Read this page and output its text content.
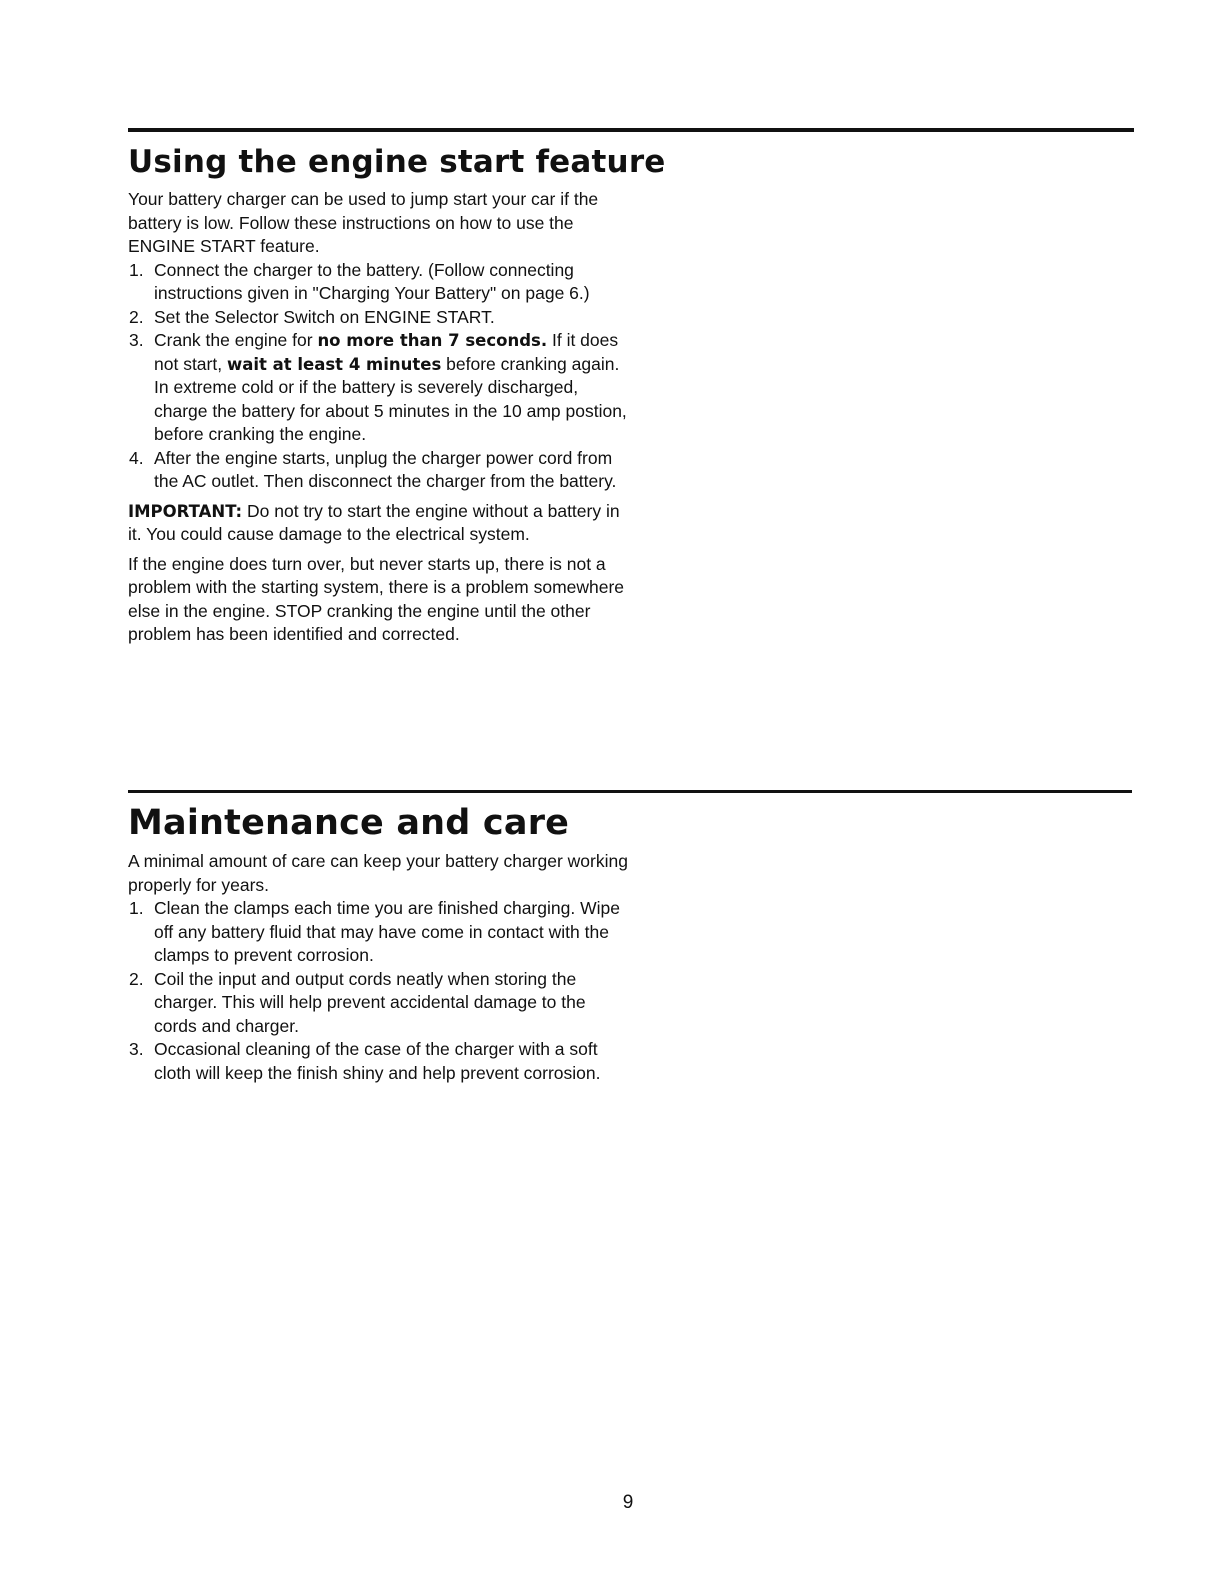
Using the engine start feature

Your battery charger can be used to jump start your car if the battery is low. Follow these instructions on how to use the ENGINE START feature.

1. Connect the charger to the battery. (Follow connecting instructions given in "Charging Your Battery" on page 6.)
2. Set the Selector Switch on ENGINE START.
3. Crank the engine for no more than 7 seconds. If it does not start, wait at least 4 minutes before cranking again. In extreme cold or if the battery is severely discharged, charge the battery for about 5 minutes in the 10 amp postion, before cranking the engine.
4. After the engine starts, unplug the charger power cord from the AC outlet. Then disconnect the charger from the battery.

IMPORTANT: Do not try to start the engine without a battery in it. You could cause damage to the electrical system.

If the engine does turn over, but never starts up, there is not a problem with the starting system, there is a problem somewhere else in the engine. STOP cranking the engine until the other problem has been identified and corrected.

Maintenance and care

A minimal amount of care can keep your battery charger working properly for years.

1. Clean the clamps each time you are finished charging. Wipe off any battery fluid that may have come in contact with the clamps to prevent corrosion.
2. Coil the input and output cords neatly when storing the charger. This will help prevent accidental damage to the cords and charger.
3. Occasional cleaning of the case of the charger with a soft cloth will keep the finish shiny and help prevent corrosion.
9
